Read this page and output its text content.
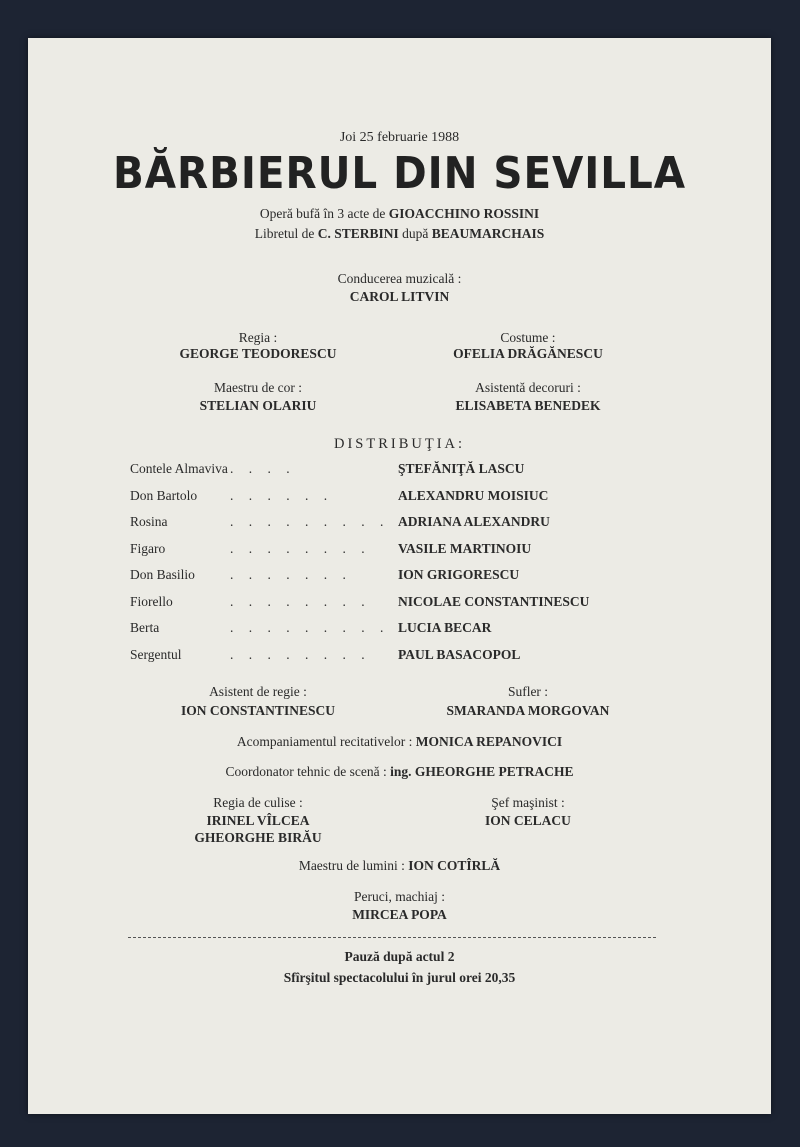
Joi 25 februarie 1988
BĂRBIERUL DIN SEVILLA
Operă bufă în 3 acte de GIOACCHINO ROSSINI
Libretul de C. STERBINI după BEAUMARCHAIS
Conducerea muzicală :
CAROL LITVIN
Regia :
GEORGE TEODORESCU
Costume :
OFELIA DRĂGĂNESCU
Maestru de cor :
STELIAN OLARIU
Asistentă decoruri :
ELISABETA BENEDEK
DISTRIBUŢIA:
Contele Almaviva . . . .	ŞTEFĂNIŢĂ LASCU
Don Bartolo . . . . . .	ALEXANDRU MOISIUC
Rosina	. . . . . . . . . ADRIANA ALEXANDRU
Figaro	. . . . . . . .	VASILE MARTINOIU
Don Basilio	. . . . . . .	ION GRIGORESCU
Fiorello	. . . . . . . .	NICOLAE CONSTANTINESCU
Berta	. . . . . . . . . LUCIA BECAR
Sergentul	. . . . . . . .	PAUL BASACOPOL
Asistent de regie :
ION CONSTANTINESCU
Sufler :
SMARANDA MORGOVAN
Acompaniamentul recitativelor : MONICA REPANOVICI
Coordonator tehnic de scenă : ing. GHEORGHE PETRACHE
Regia de culise :
IRINEL VÎLCEA
GHEORGHE BIRĂU
Şef maşinist :
ION CELACU
Maestru de lumini : ION COTÎRLĂ
Peruci, machiaj :
MIRCEA POPA
Pauză după actul 2
Sfîrşitul spectacolului în jurul orei 20,35
